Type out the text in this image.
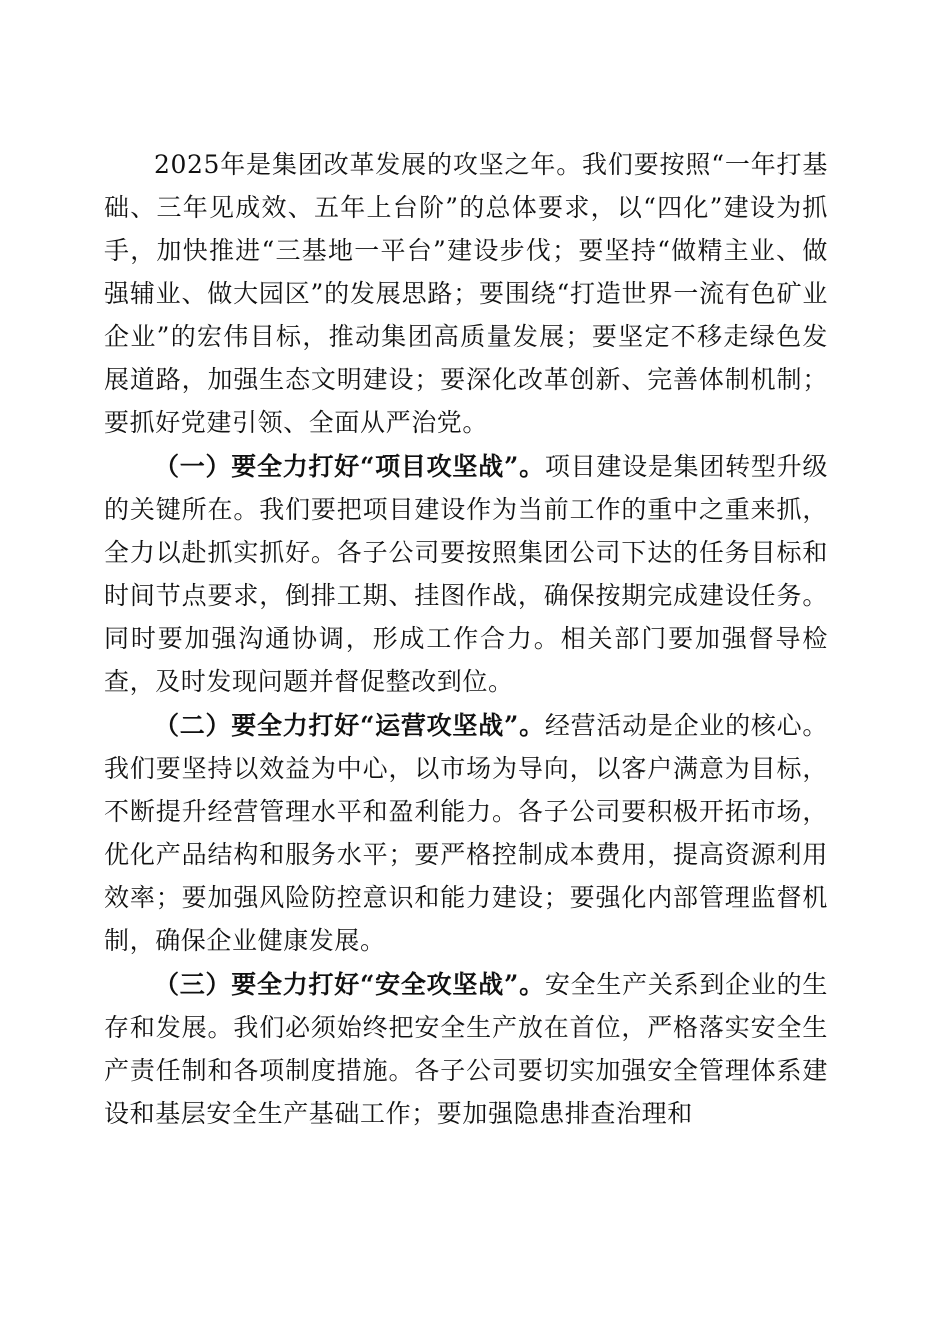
2025年是集团改革发展的攻坚之年。我们要按照“一年打基础、三年见成效、五年上台阶”的总体要求，以“四化”建设为抓手，加快推进“三基地一平台”建设步伐；要坚持“做精主业、做强辅业、做大园区”的发展思路；要围绕“打造世界一流有色矿业企业”的宏伟目标，推动集团高质量发展；要坚定不移走绿色发展道路，加强生态文明建设；要深化改革创新、完善体制机制；要抓好党建引领、全面从严治党。

（一）要全力打好“项目攻坚战”。项目建设是集团转型升级的关键所在。我们要把项目建设作为当前工作的重中之重来抓，全力以赴抓实抓好。各子公司要按照集团公司下达的任务目标和时间节点要求，倒排工期、挂图作战，确保按期完成建设任务。同时要加强沟通协调，形成工作合力。相关部门要加强督导检查，及时发现问题并督促整改到位。

（二）要全力打好“运营攻坚战”。经营活动是企业的核心。我们要坚持以效益为中心，以市场为导向，以客户满意为目标，不断提升经营管理水平和盈利能力。各子公司要积极开拓市场，优化产品结构和服务水平；要严格控制成本费用，提高资源利用效率；要加强风险防控意识和能力建设；要强化内部管理监督机制，确保企业健康发展。

（三）要全力打好“安全攻坚战”。安全生产关系到企业的生存和发展。我们必须始终把安全生产放在首位，严格落实安全生产责任制和各项制度措施。各子公司要切实加强安全管理体系建设和基层安全生产基础工作；要加强隐患排查治理和
